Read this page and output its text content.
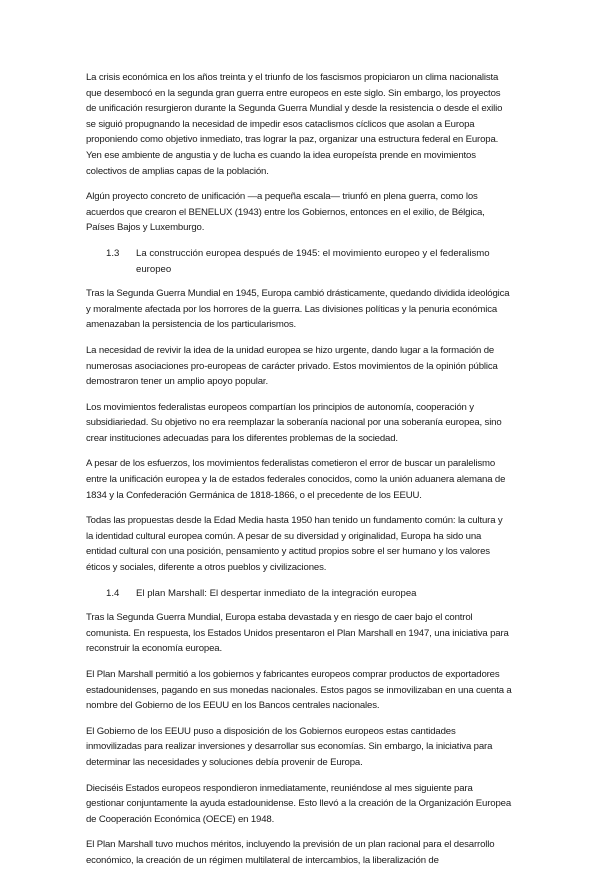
La crisis económica en los años treinta y el triunfo de los fascismos propiciaron un clima nacionalista que desembocó en la segunda gran guerra entre europeos en este siglo. Sin embargo, los proyectos de unificación resurgieron durante la Segunda Guerra Mundial y desde la resistencia o desde el exilio se siguió propugnando la necesidad de impedir esos cataclismos cíclicos que asolan a Europa proponiendo como objetivo inmediato, tras lograr la paz, organizar una estructura federal en Europa. Yen ese ambiente de angustia y de lucha es cuando la idea europeísta prende en movimientos colectivos de amplias capas de la población.

Algún proyecto concreto de unificación —a pequeña escala— triunfó en plena guerra, como los acuerdos que crearon el BENELUX (1943) entre los Gobiernos, entonces en el exilio, de Bélgica, Países Bajos y Luxemburgo.

1.3	La construcción europea después de 1945: el movimiento europeo y el federalismo europeo

Tras la Segunda Guerra Mundial en 1945, Europa cambió drásticamente, quedando dividida ideológica y moralmente afectada por los horrores de la guerra. Las divisiones políticas y la penuria económica amenazaban la persistencia de los particularismos.

La necesidad de revivir la idea de la unidad europea se hizo urgente, dando lugar a la formación de numerosas asociaciones pro-europeas de carácter privado. Estos movimientos de la opinión pública demostraron tener un amplio apoyo popular.

Los movimientos federalistas europeos compartían los principios de autonomía, cooperación y subsidiariedad. Su objetivo no era reemplazar la soberanía nacional por una soberanía europea, sino crear instituciones adecuadas para los diferentes problemas de la sociedad.

A pesar de los esfuerzos, los movimientos federalistas cometieron el error de buscar un paralelismo entre la unificación europea y la de estados federales conocidos, como la unión aduanera alemana de 1834 y la Confederación Germánica de 1818-1866, o el precedente de los EEUU.

Todas las propuestas desde la Edad Media hasta 1950 han tenido un fundamento común: la cultura y la identidad cultural europea común. A pesar de su diversidad y originalidad, Europa ha sido una entidad cultural con una posición, pensamiento y actitud propios sobre el ser humano y los valores éticos y sociales, diferente a otros pueblos y civilizaciones.

1.4	El plan Marshall: El despertar inmediato de la integración europea

Tras la Segunda Guerra Mundial, Europa estaba devastada y en riesgo de caer bajo el control comunista. En respuesta, los Estados Unidos presentaron el Plan Marshall en 1947, una iniciativa para reconstruir la economía europea.

El Plan Marshall permitió a los gobiernos y fabricantes europeos comprar productos de exportadores estadounidenses, pagando en sus monedas nacionales. Estos pagos se inmovilizaban en una cuenta a nombre del Gobierno de los EEUU en los Bancos centrales nacionales.

El Gobierno de los EEUU puso a disposición de los Gobiernos europeos estas cantidades inmovilizadas para realizar inversiones y desarrollar sus economías. Sin embargo, la iniciativa para determinar las necesidades y soluciones debía provenir de Europa.

Dieciséis Estados europeos respondieron inmediatamente, reuniéndose al mes siguiente para gestionar conjuntamente la ayuda estadounidense. Esto llevó a la creación de la Organización Europea de Cooperación Económica (OECE) en 1948.

El Plan Marshall tuvo muchos méritos, incluyendo la previsión de un plan racional para el desarrollo económico, la creación de un régimen multilateral de intercambios, la liberalización de
